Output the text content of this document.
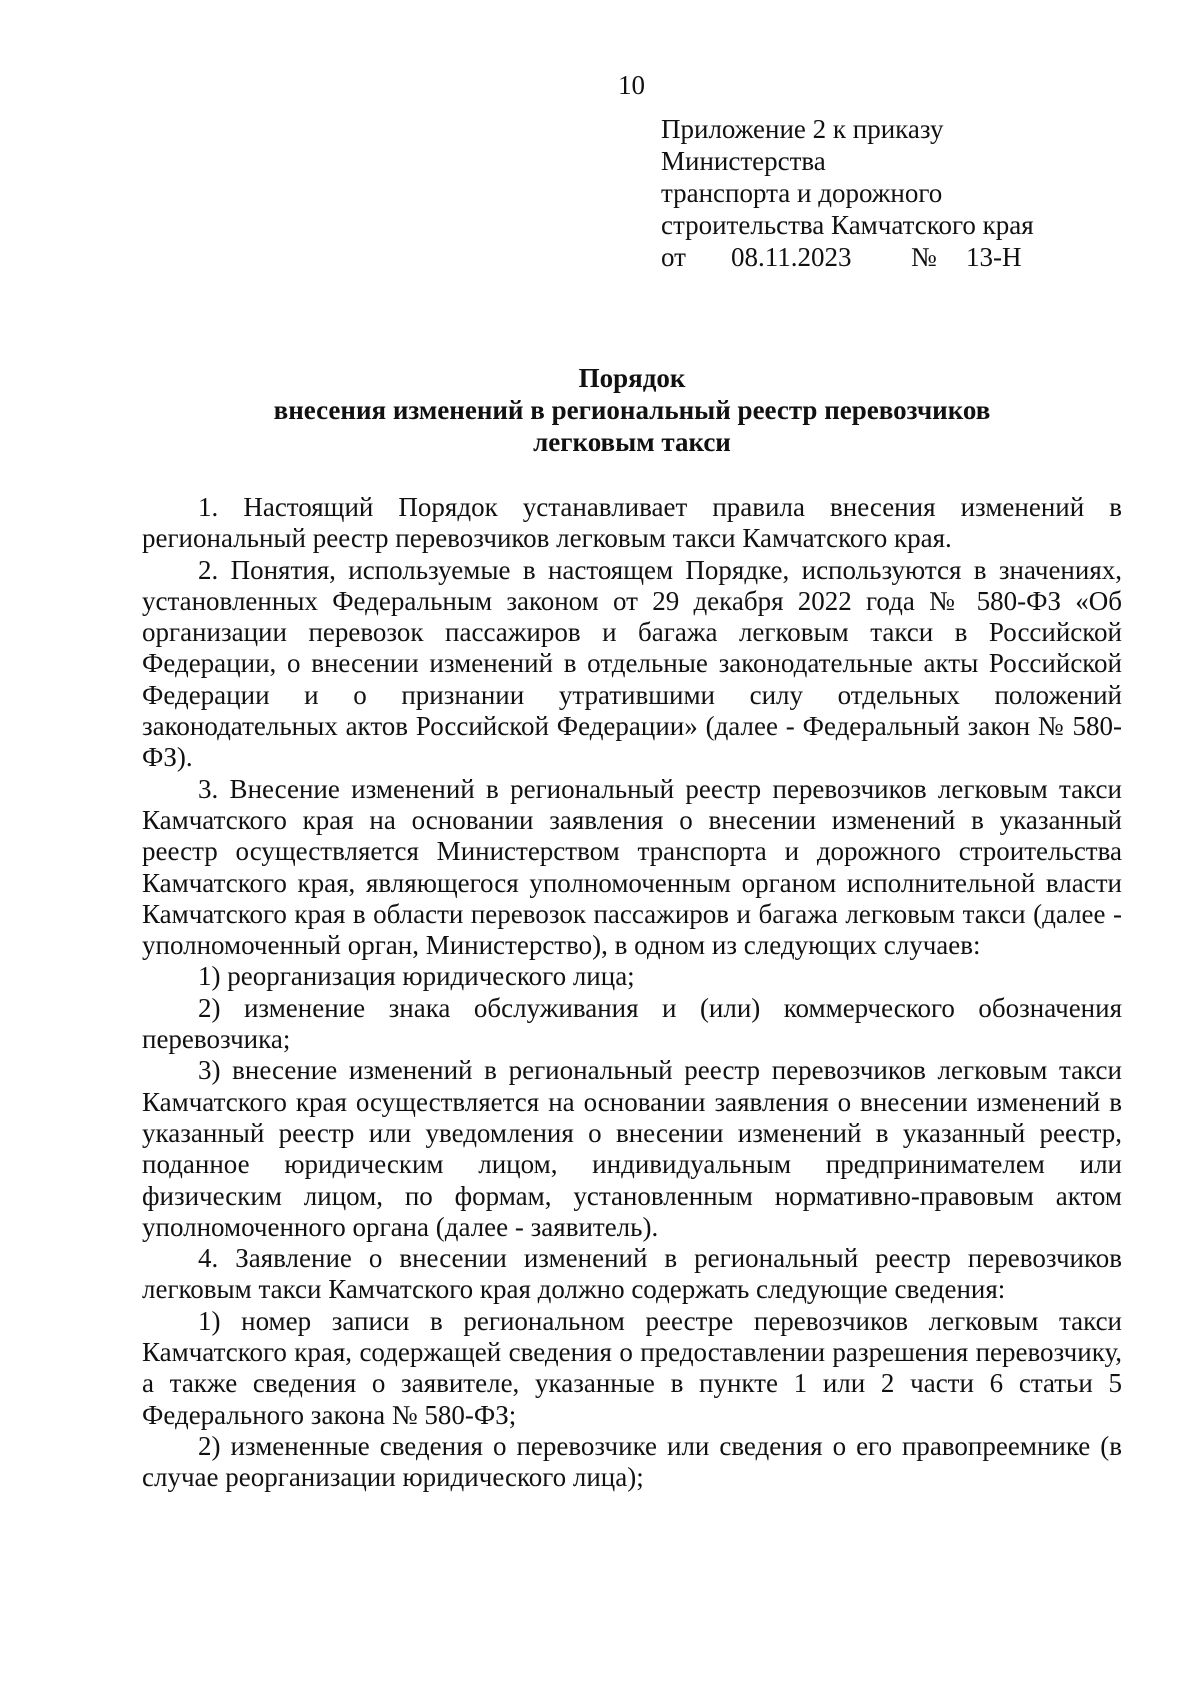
10
Приложение 2 к приказу
Министерства
транспорта и дорожного
строительства Камчатского края
от 08.11.2023 № 13-Н
Порядок
внесения изменений в региональный реестр перевозчиков
легковым такси

1. Настоящий Порядок устанавливает правила внесения изменений в региональный реестр перевозчиков легковым такси Камчатского края.

2. Понятия, используемые в настоящем Порядке, используются в значениях, установленных Федеральным законом от 29 декабря 2022 года № 580-ФЗ «Об организации перевозок пассажиров и багажа легковым такси в Российской Федерации, о внесении изменений в отдельные законодательные акты Российской Федерации и о признании утратившими силу отдельных положений законодательных актов Российской Федерации» (далее - Федеральный закон № 580-ФЗ).

3. Внесение изменений в региональный реестр перевозчиков легковым такси Камчатского края на основании заявления о внесении изменений в указанный реестр осуществляется Министерством транспорта и дорожного строительства Камчатского края, являющегося уполномоченным органом исполнительной власти Камчатского края в области перевозок пассажиров и багажа легковым такси (далее - уполномоченный орган, Министерство), в одном из следующих случаев:

1) реорганизация юридического лица;

2) изменение знака обслуживания и (или) коммерческого обозначения перевозчика;

3) внесение изменений в региональный реестр перевозчиков легковым такси Камчатского края осуществляется на основании заявления о внесении изменений в указанный реестр или уведомления о внесении изменений в указанный реестр, поданное юридическим лицом, индивидуальным предпринимателем или физическим лицом, по формам, установленным нормативно-правовым актом уполномоченного органа (далее - заявитель).

4. Заявление о внесении изменений в региональный реестр перевозчиков легковым такси Камчатского края должно содержать следующие сведения:

1) номер записи в региональном реестре перевозчиков легковым такси Камчатского края, содержащей сведения о предоставлении разрешения перевозчику, а также сведения о заявителе, указанные в пункте 1 или 2 части 6 статьи 5 Федерального закона № 580-ФЗ;

2) измененные сведения о перевозчике или сведения о его правопреемнике (в случае реорганизации юридического лица);
